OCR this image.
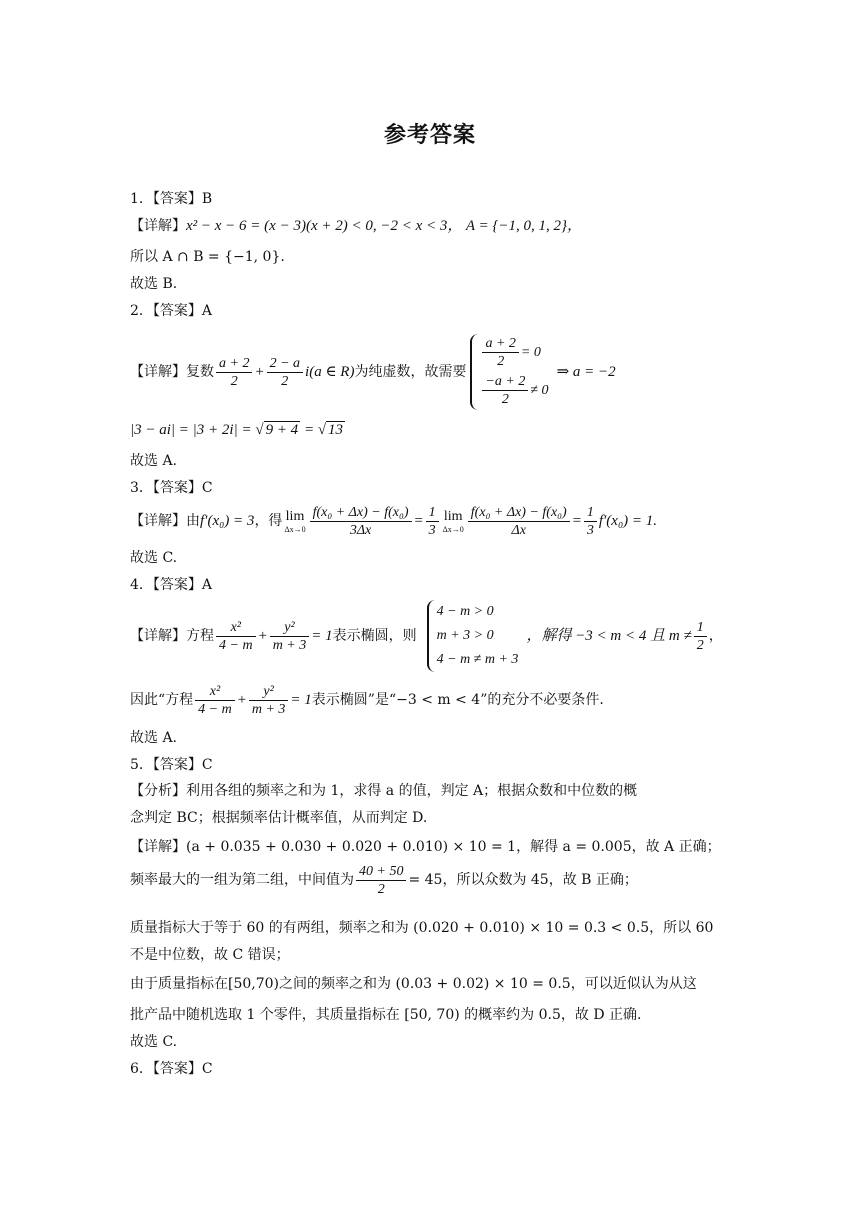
参考答案
1．【答案】B
【详解】x² − x − 6 = (x − 3)(x + 2) < 0, −2 < x < 3， A = {−1, 0, 1, 2}，
所以 A ∩ B = {−1, 0}.
故选 B.
2．【答案】A
【详解】复数 $\frac{a + 2}{2} + \frac{2 - a}{2} i(a$ ∈ R) 为纯虚数，故需要
$\frac{a + 2}{2} = 0$
$\frac{-a + 2}{2} \ne 0$
⇒ a = −2
|3 − ai| = |3 + 2i| = √ 9 + 4 = √ 13
故选 A.
3．【答案】C
【详解】由 f′(x₀) = 3 ，得 lim
$\Delta x\to 0 \frac{\text{f(x₀ + Δx) − f(x₀)}}{3\Delta x} = \frac{1}{3}$ lim
$\Delta x\to 0 \frac{\text{f(x₀ + Δx) − f(x₀)}}{\Delta x} = \frac{1}{3} f'(x_0) = 1$.
故选 C.
4．【答案】A
【详解】方程 $\frac{\text{x²}}{4 - m} + \frac{\text{y²}}{m + 3} = 1$ 表示椭圆，则
4 − m > 0
m + 3 > 0
4 − m ≠ m + 3
，解得 −3 < m < 4 且 $m \ne \frac{1}{2}$ ，
因此“方程 $\frac{\text{x²}}{4 - m} + \frac{\text{y²}}{m + 3} = 1$ 表示椭圆”是“−3 < m < 4”的充分不必要条件.
故选 A.
5．【答案】C
【分析】利用各组的频率之和为 1，求得 a 的值，判定 A；根据众数和中位数的概
念判定 BC；根据频率估计概率值，从而判定 D.
【详解】(a + 0.035 + 0.030 + 0.020 + 0.010) × 10 = 1，解得 a = 0.005，故 A 正确；
频率最大的一组为第二组，中间值为 $\frac{40 + 50}{2} = 45$，所以众数为 45，故 B 正确；
质量指标大于等于 60 的有两组，频率之和为 (0.020 + 0.010) × 10 = 0.3 < 0.5，所以 60
不是中位数，故 C 错误；
由于质量指标在[50,70)之间的频率之和为 (0.03 + 0.02) × 10 = 0.5，可以近似认为从这
批产品中随机选取 1 个零件，其质量指标在 [50, 70) 的概率约为 0.5，故 D 正确.
故选 C.
6．【答案】C
